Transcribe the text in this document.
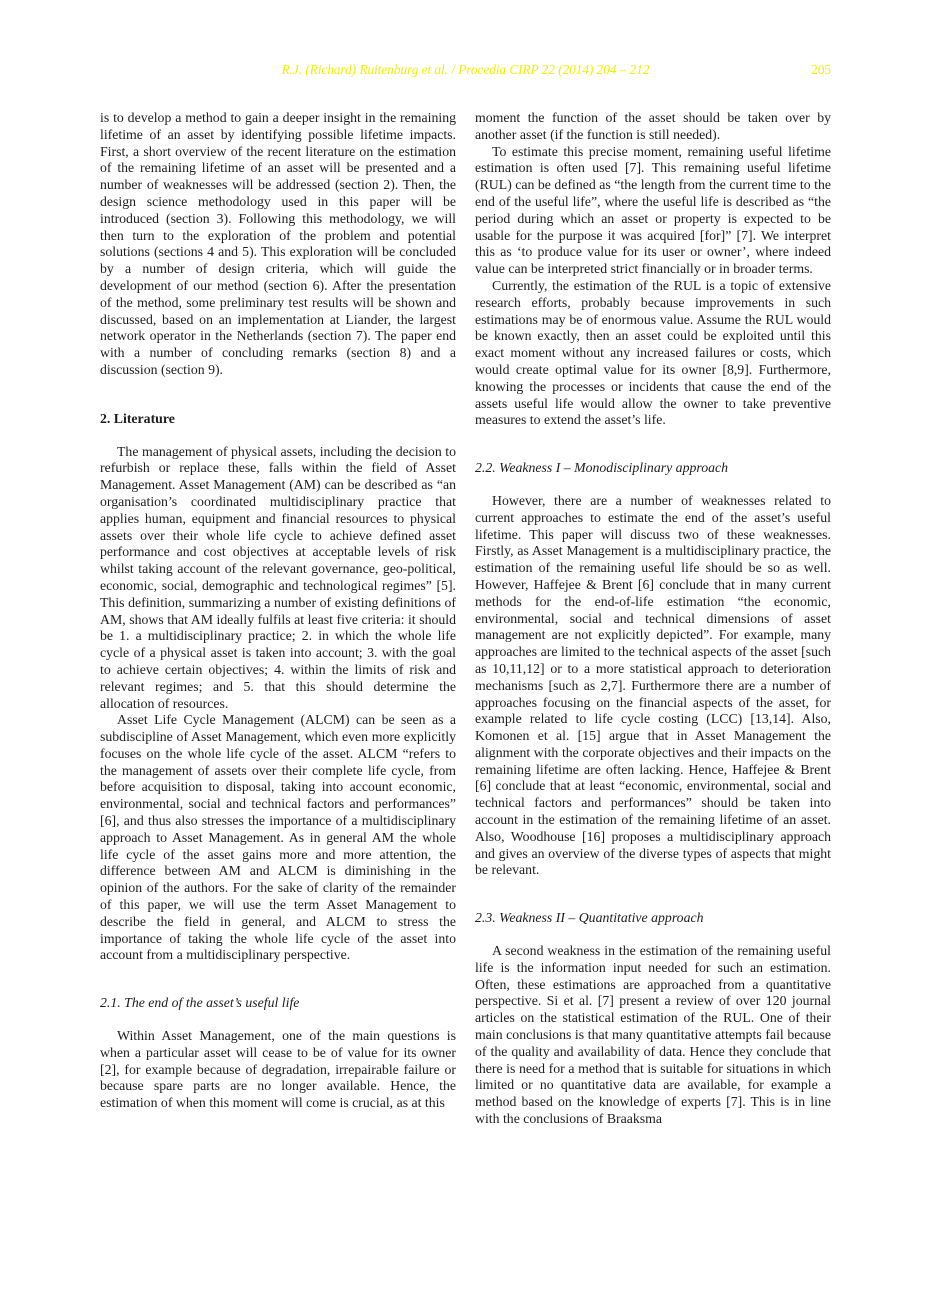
R.J. (Richard) Ruitenburg et al. / Procedia CIRP 22 (2014) 204 – 212	205

is to develop a method to gain a deeper insight in the remaining lifetime of an asset by identifying possible lifetime impacts. First, a short overview of the recent literature on the estimation of the remaining lifetime of an asset will be presented and a number of weaknesses will be addressed (section 2). Then, the design science methodology used in this paper will be introduced (section 3). Following this methodology, we will then turn to the exploration of the problem and potential solutions (sections 4 and 5). This exploration will be concluded by a number of design criteria, which will guide the development of our method (section 6). After the presentation of the method, some preliminary test results will be shown and discussed, based on an implementation at Liander, the largest network operator in the Netherlands (section 7). The paper end with a number of concluding remarks (section 8) and a discussion (section 9).

2. Literature

The management of physical assets, including the decision to refurbish or replace these, falls within the field of Asset Management. Asset Management (AM) can be described as “an organisation’s coordinated multidisciplinary practice that applies human, equipment and financial resources to physical assets over their whole life cycle to achieve defined asset performance and cost objectives at acceptable levels of risk whilst taking account of the relevant governance, geo-political, economic, social, demographic and technological regimes” [5]. This definition, summarizing a number of existing definitions of AM, shows that AM ideally fulfils at least five criteria: it should be 1. a multidisciplinary practice; 2. in which the whole life cycle of a physical asset is taken into account; 3. with the goal to achieve certain objectives; 4. within the limits of risk and relevant regimes; and 5. that this should determine the allocation of resources.

Asset Life Cycle Management (ALCM) can be seen as a subdiscipline of Asset Management, which even more explicitly focuses on the whole life cycle of the asset. ALCM “refers to the management of assets over their complete life cycle, from before acquisition to disposal, taking into account economic, environmental, social and technical factors and performances” [6], and thus also stresses the importance of a multidisciplinary approach to Asset Management. As in general AM the whole life cycle of the asset gains more and more attention, the difference between AM and ALCM is diminishing in the opinion of the authors. For the sake of clarity of the remainder of this paper, we will use the term Asset Management to describe the field in general, and ALCM to stress the importance of taking the whole life cycle of the asset into account from a multidisciplinary perspective.

2.1. The end of the asset’s useful life

Within Asset Management, one of the main questions is when a particular asset will cease to be of value for its owner [2], for example because of degradation, irrepairable failure or because spare parts are no longer available. Hence, the estimation of when this moment will come is crucial, as at this

moment the function of the asset should be taken over by another asset (if the function is still needed).

To estimate this precise moment, remaining useful lifetime estimation is often used [7]. This remaining useful lifetime (RUL) can be defined as “the length from the current time to the end of the useful life”, where the useful life is described as “the period during which an asset or property is expected to be usable for the purpose it was acquired [for]” [7]. We interpret this as ‘to produce value for its user or owner’, where indeed value can be interpreted strict financially or in broader terms.

Currently, the estimation of the RUL is a topic of extensive research efforts, probably because improvements in such estimations may be of enormous value. Assume the RUL would be known exactly, then an asset could be exploited until this exact moment without any increased failures or costs, which would create optimal value for its owner [8,9]. Furthermore, knowing the processes or incidents that cause the end of the assets useful life would allow the owner to take preventive measures to extend the asset’s life.

2.2. Weakness I – Monodisciplinary approach

However, there are a number of weaknesses related to current approaches to estimate the end of the asset’s useful lifetime. This paper will discuss two of these weaknesses. Firstly, as Asset Management is a multidisciplinary practice, the estimation of the remaining useful life should be so as well. However, Haffejee & Brent [6] conclude that in many current methods for the end-of-life estimation “the economic, environmental, social and technical dimensions of asset management are not explicitly depicted”. For example, many approaches are limited to the technical aspects of the asset [such as 10,11,12] or to a more statistical approach to deterioration mechanisms [such as 2,7]. Furthermore there are a number of approaches focusing on the financial aspects of the asset, for example related to life cycle costing (LCC) [13,14]. Also, Komonen et al. [15] argue that in Asset Management the alignment with the corporate objectives and their impacts on the remaining lifetime are often lacking. Hence, Haffejee & Brent [6] conclude that at least “economic, environmental, social and technical factors and performances” should be taken into account in the estimation of the remaining lifetime of an asset. Also, Woodhouse [16] proposes a multidisciplinary approach and gives an overview of the diverse types of aspects that might be relevant.

2.3. Weakness II – Quantitative approach

A second weakness in the estimation of the remaining useful life is the information input needed for such an estimation. Often, these estimations are approached from a quantitative perspective. Si et al. [7] present a review of over 120 journal articles on the statistical estimation of the RUL. One of their main conclusions is that many quantitative attempts fail because of the quality and availability of data. Hence they conclude that there is need for a method that is suitable for situations in which limited or no quantitative data are available, for example a method based on the knowledge of experts [7]. This is in line with the conclusions of Braaksma
